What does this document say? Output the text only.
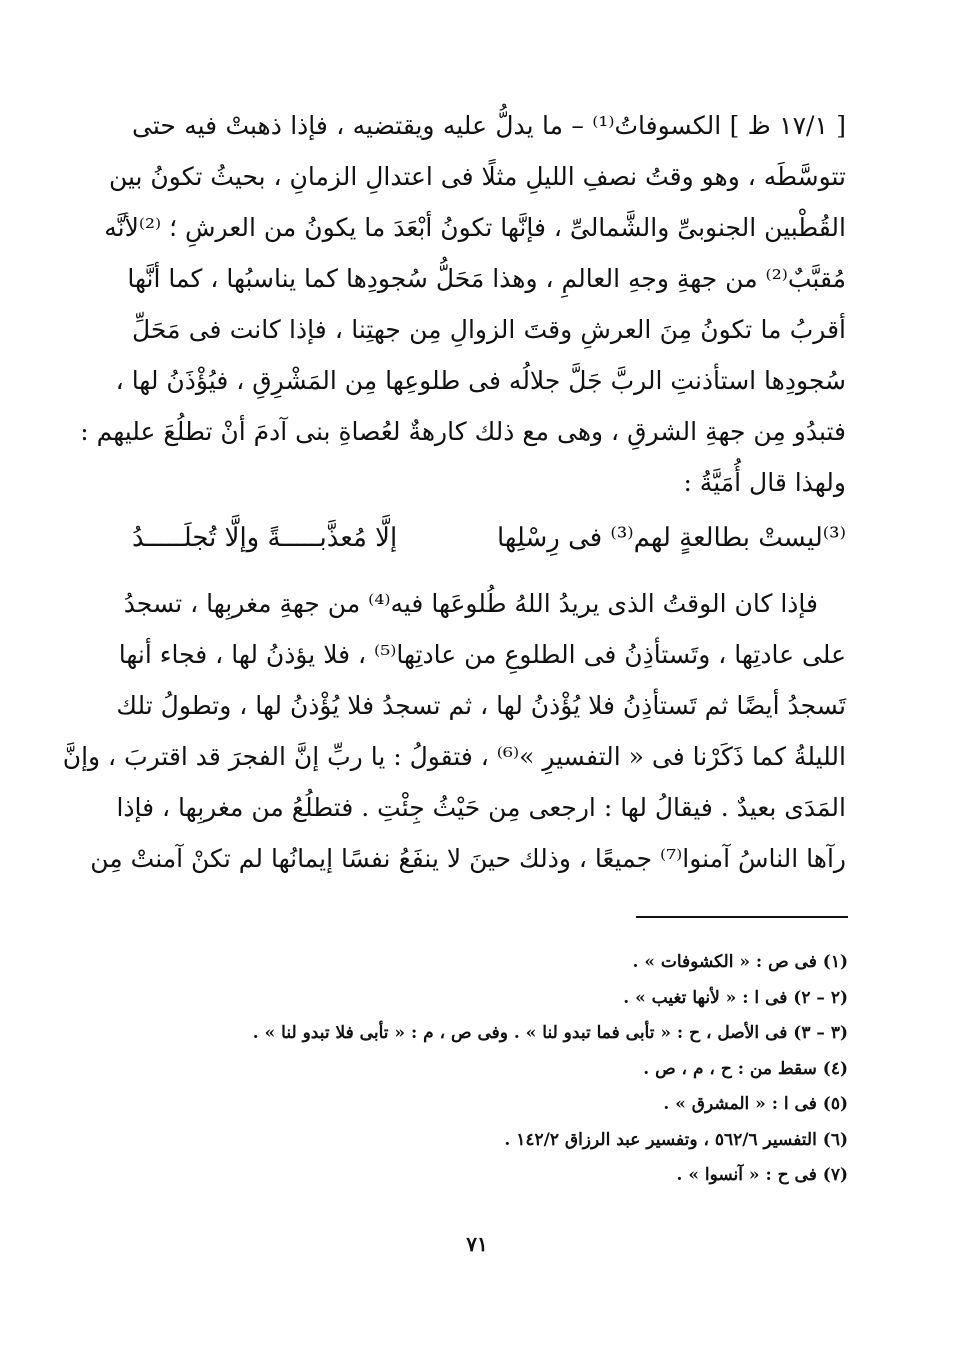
[ ١٧/١ ظ ] الكسوفاتُ⁽¹⁾ – ما يدلُّ عليه ويقتضيه ، فإذا ذهبتْ فيه حتى
تتوسَّطَه ، وهو وقتُ نصفِ الليلِ مثلًا فى اعتدالِ الزمانِ ، بحيثُ تكونُ بين
القُطْبين الجنوبىِّ والشَّمالىِّ ، فإنَّها تكونُ أبْعَدَ ما يكونُ من العرشِ ؛ ⁽²⁾لأنَّه
مُقبَّبٌ⁽²⁾ من جهةِ وجهِ العالمِ ، وهذا مَحَلُّ سُجودِها كما يناسبُها ، كما أنَّها
أقربُ ما تكونُ مِنَ العرشِ وقتَ الزوالِ مِن جهتِنا ، فإذا كانت فى مَحَلِّ
سُجودِها استأذنتِ الربَّ جَلَّ جلالُه فى طلوعِها مِن المَشْرِقِ ، فيُؤْذَنُ لها ،
فتبدُو مِن جهةِ الشرقِ ، وهى مع ذلك كارهةٌ لعُصاةِ بنى آدمَ أنْ تطلُعَ عليهم :
ولهذا قال أُمَيَّةُ :
⁽³⁾ليستْ بطالعةٍ لهم⁽³⁾ فى رِسْلِها
إلَّا مُعذَّبـــــةً وإلَّا تُجلَـــــدُ
فإذا كان الوقتُ الذى يريدُ اللهُ طُلوعَها فيه⁽⁴⁾ من جهةِ مغربِها ، تسجدُ
على عادتِها ، وتَستأذِنُ فى الطلوعِ من عادتِها⁽⁵⁾ ، فلا يؤذنُ لها ، فجاء أنها
تَسجدُ أيضًا ثم تَستأذِنُ فلا يُؤْذنُ لها ، ثم تسجدُ فلا يُؤْذنُ لها ، وتطولُ تلك
الليلةُ كما ذَكَرْنا فى « التفسيرِ »⁽⁶⁾ ، فتقولُ : يا ربِّ إنَّ الفجرَ قد اقتربَ ، وإنَّ
المَدَى بعيدٌ . فيقالُ لها : ارجعى مِن حَيْثُ جِئْتِ . فتطلُعُ من مغربِها ، فإذا
رآها الناسُ آمنوا⁽⁷⁾ جميعًا ، وذلك حينَ لا ينفَعُ نفسًا إيمانُها لم تكنْ آمنتْ مِن
(١) فى ص : « الكشوفات » .
(٢ – ٢) فى ا : « لأنها تغيب » .
(٣ – ٣) فى الأصل ، ح : « تأبى فما تبدو لنا » . وفى ص ، م : « تأبى فلا تبدو لنا » .
(٤) سقط من : ح ، م ، ص .
(٥) فى ا : « المشرق » .
(٦) التفسير ٥٦٢/٦ ، وتفسير عبد الرزاق ١٤٢/٢ .
(٧) فى ح : « آنسوا » .
٧١
